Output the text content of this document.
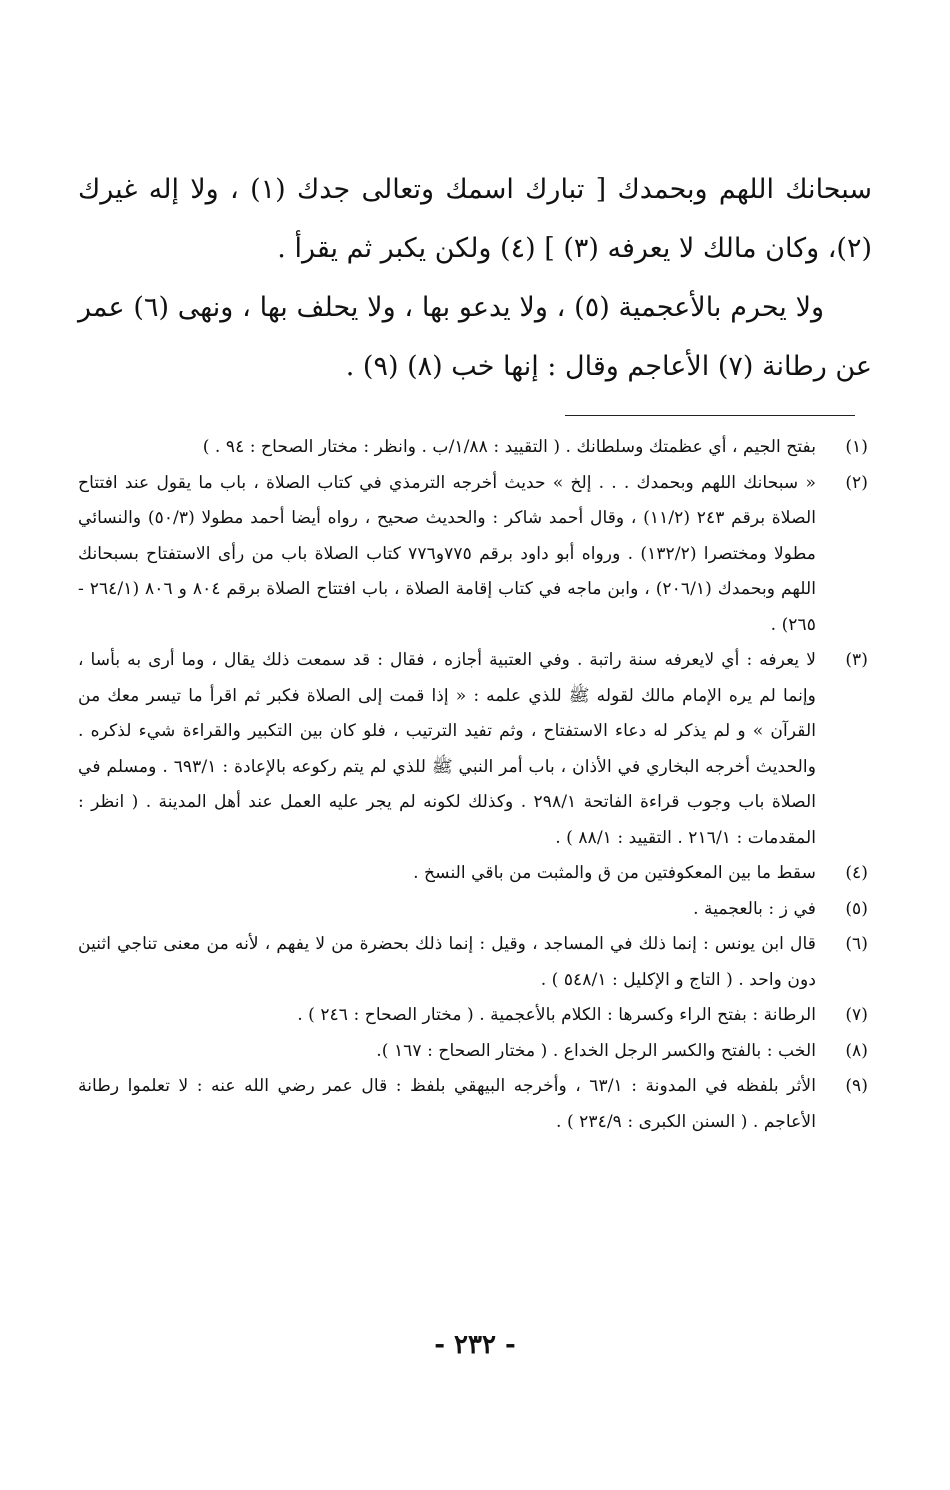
سبحانك اللهم وبحمدك [ تبارك اسمك وتعالى جدك (١) ، ولا إله غيرك (٢)، وكان مالك لا يعرفه (٣) ] (٤) ولكن يكبر ثم يقرأ .

ولا يحرم بالأعجمية (٥) ، ولا يدعو بها ، ولا يحلف بها ، ونهى (٦) عمر عن رطانة (٧) الأعاجم وقال : إنها خب (٨) (٩) .

(١)
بفتح الجيم ، أي عظمتك وسلطانك . ( التقييد : ١/٨٨/ب . وانظر : مختار الصحاح : ٩٤ . )
(٢)
« سبحانك اللهم وبحمدك . . . إلخ » حديث أخرجه الترمذي في كتاب الصلاة ، باب ما يقول عند افتتاح الصلاة برقم ٢٤٣ (١١/٢) ، وقال أحمد شاكر : والحديث صحيح ، رواه أيضا أحمد مطولا (٥٠/٣) والنسائي مطولا ومختصرا (١٣٢/٢) . ورواه أبو داود برقم ٧٧٥و٧٧٦ كتاب الصلاة باب من رأى الاستفتاح بسبحانك اللهم وبحمدك (٢٠٦/١) ، وابن ماجه في كتاب إقامة الصلاة ، باب افتتاح الصلاة برقم ٨٠٤ و ٨٠٦ (٢٦٤/١ - ٢٦٥) .
(٣)
لا يعرفه : أي لايعرفه سنة راتبة . وفي العتبية أجازه ، فقال : قد سمعت ذلك يقال ، وما أرى به بأسا ، وإنما لم يره الإمام مالك لقوله ﷺ للذي علمه : « إذا قمت إلى الصلاة فكبر ثم اقرأ ما تيسر معك من القرآن » و لم يذكر له دعاء الاستفتاح ، وثم تفيد الترتيب ، فلو كان بين التكبير والقراءة شيء لذكره . والحديث أخرجه البخاري في الأذان ، باب أمر النبي ﷺ للذي لم يتم ركوعه بالإعادة : ٦٩٣/١ . ومسلم في الصلاة باب وجوب قراءة الفاتحة ٢٩٨/١ . وكذلك لكونه لم يجر عليه العمل عند أهل المدينة . ( انظر : المقدمات : ٢١٦/١ . التقييد : ٨٨/١ ) .
(٤)
سقط ما بين المعكوفتين من ق والمثبت من باقي النسخ .
(٥)
في ز : بالعجمية .
(٦)
قال ابن يونس : إنما ذلك في المساجد ، وقيل : إنما ذلك بحضرة من لا يفهم ، لأنه من معنى تناجي اثنين دون واحد . ( التاج و الإكليل : ٥٤٨/١ ) .
(٧)
الرطانة : بفتح الراء وكسرها : الكلام بالأعجمية . ( مختار الصحاح : ٢٤٦ ) .
(٨)
الخب : بالفتح والكسر الرجل الخداع . ( مختار الصحاح : ١٦٧ ).
(٩)
الأثر بلفظه في المدونة : ٦٣/١ ، وأخرجه البيهقي بلفظ : قال عمر رضي الله عنه : لا تعلموا رطانة الأعاجم . ( السنن الكبرى : ٢٣٤/٩ ) .
- ٢٣٢ -
